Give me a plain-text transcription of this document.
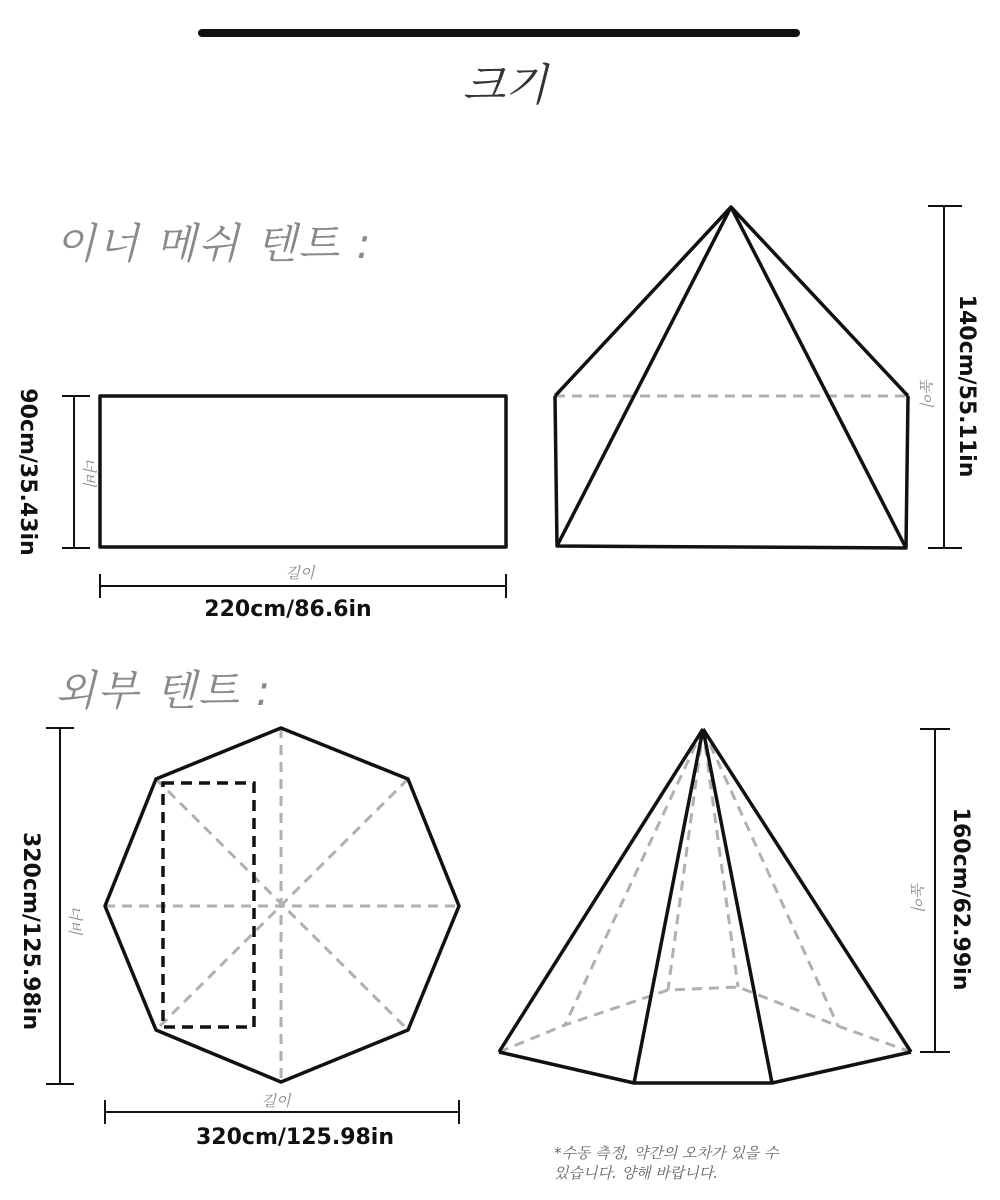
크기
이너 메쉬 텐트 :
너비
90cm/35.43in
길이
220cm/86.6in
높이 140cm/55.11in
외부 텐트 :
너비
320cm/125.98in
길이
320cm/125.98in
높이 160cm/62.99in
*수동 측정, 약간의 오차가 있을 수
있습니다. 양해 바랍니다.
